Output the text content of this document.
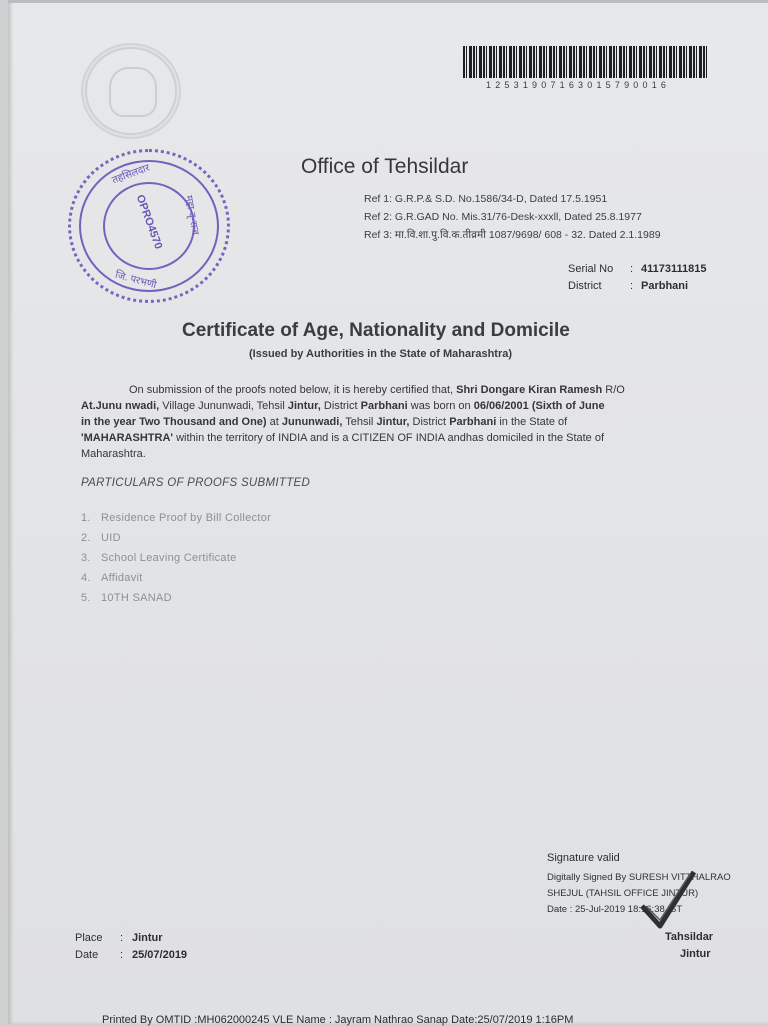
12531907163015790016
तहसिलदार
महा-दृ-राज
जि. परभणी
OPRO4570
Office of Tehsildar
Ref 1: G.R.P.& S.D. No.1586/34-D, Dated 17.5.1951
Ref 2: G.R.GAD No. Mis.31/76-Desk-xxxll, Dated 25.8.1977
Ref 3: मा.वि.शा.पु.वि.क.तीव्रमी 1087/9698/ 608 - 32. Dated 2.1.1989
Serial No : 41173111815
District	: Parbhani
Certificate of Age, Nationality and Domicile
(Issued by Authorities in the State of Maharashtra)

On submission of the proofs noted below, it is hereby certified that, Shri Dongare Kiran Ramesh R/O

At.Junu nwadi, Village Jununwadi, Tehsil Jintur, District Parbhani was born on 06/06/2001 (Sixth of June

in the year Two Thousand and One) at Jununwadi, Tehsil Jintur, District Parbhani in the State of

'MAHARASHTRA' within the territory of INDIA and is a CITIZEN OF INDIA andhas domiciled in the State of

Maharashtra.

PARTICULARS OF PROOFS SUBMITTED
1. Residence Proof by Bill Collector
2. UID
3. School Leaving Certificate
4. Affidavit
5. 10TH SANAD
Signature valid
Digitally Signed By SURESH VITTHALRAO
SHEJUL (TAHSIL OFFICE JINTUR)
Date : 25-Jul-2019 18:16:38 IST
Tahsildar
Jintur
Place : Jintur
Date : 25/07/2019
Printed By OMTID :MH062000245 VLE Name : Jayram Nathrao Sanap Date:25/07/2019 1:16PM
